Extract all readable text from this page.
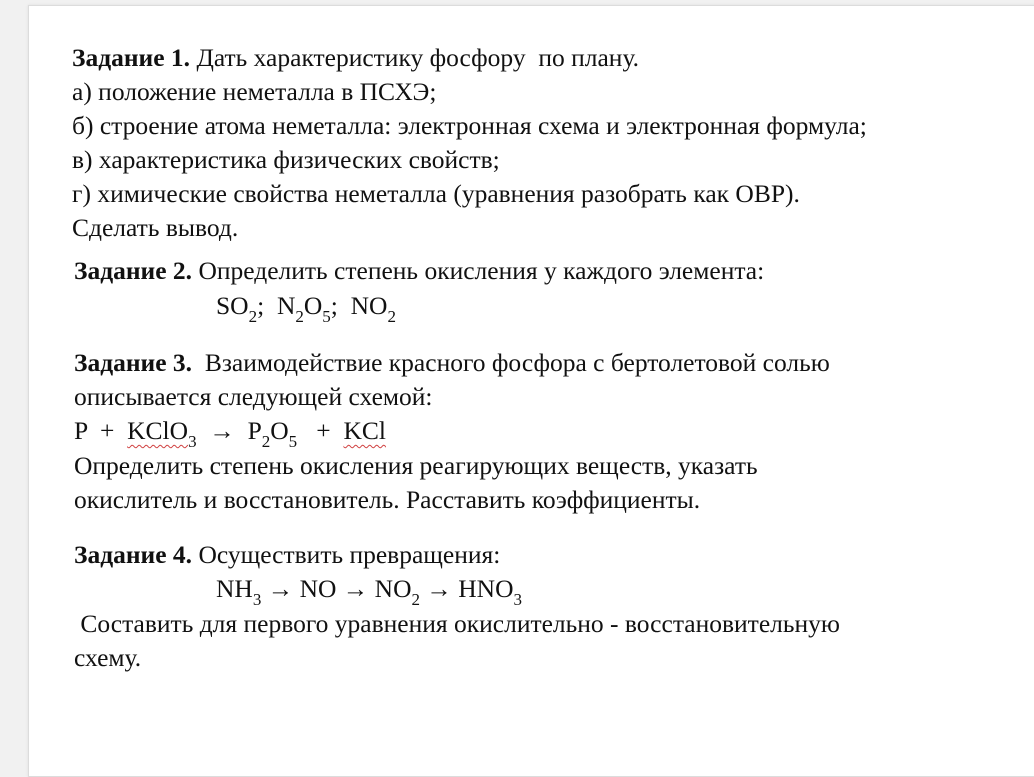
Задание 1. Дать характеристику фосфору  по плану.
а) положение неметалла в ПСХЭ;
б) строение атома неметалла: электронная схема и электронная формула;
в) характеристика физических свойств;
г) химические свойства неметалла (уравнения разобрать как ОВР).
Сделать вывод.
Задание 2. Определить степень окисления у каждого элемента:
$SO_2$;  $N_2O_5$;  $NO_2$
Задание 3.  Взаимодействие красного фосфора с бертолетовой солью
описывается следующей схемой:
P  +  KClO$_3$  →  $P_2O_5$   +  KCl
Определить степень окисления реагирующих веществ, указать
окислитель и восстановитель. Расставить коэффициенты.
Задание 4. Осуществить превращения:
$NH_3$ → NO → $NO_2 \to HNO_3$
Составить для первого уравнения окислительно - восстановительную
схему.
